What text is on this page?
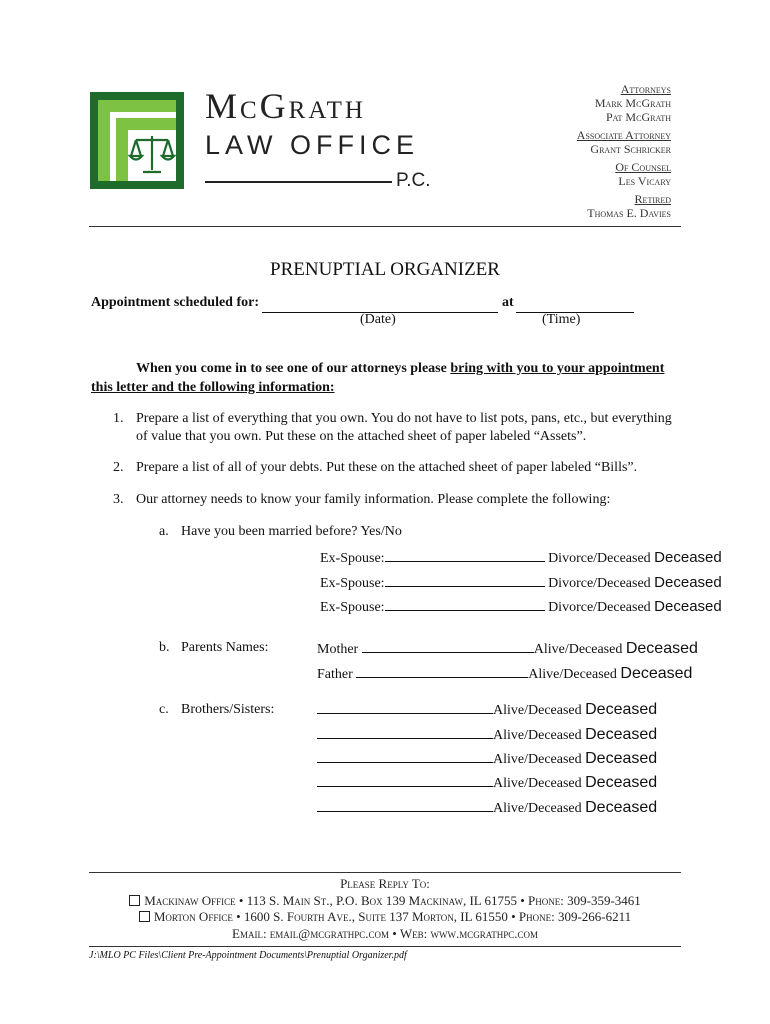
McGrath
LAW OFFICE
P.C.
Attorneys
Mark McGrath
Pat McGrath
Associate Attorney
Grant Schricker
Of Counsel
Les Vicary
Retired
Thomas E. Davies
PRENUPTIAL ORGANIZER
Appointment scheduled for:	at
(Date)	(Time)
When you come in to see one of our attorneys please bring with you to your appointment this letter and the following information:
1. Prepare a list of everything that you own. You do not have to list pots, pans, etc., but everything
of value that you own. Put these on the attached sheet of paper labeled “Assets”.
2. Prepare a list of all of your debts. Put these on the attached sheet of paper labeled “Bills”.
3. Our attorney needs to know your family information. Please complete the following:
a. Have you been married before? Yes/No
Ex-Spouse:	Divorce/Deceased Deceased
Ex-Spouse:	Divorce/Deceased Deceased
Ex-Spouse:	Divorce/Deceased Deceased
b. Parents Names:	Mother	Alive/Deceased Deceased
Father	Alive/Deceased Deceased
c. Brothers/Sisters:	Alive/Deceased Deceased
Alive/Deceased Deceased
Alive/Deceased Deceased
Alive/Deceased Deceased
Alive/Deceased Deceased
Please Reply To:
Mackinaw Office • 113 S. Main St., P.O. Box 139 Mackinaw, IL 61755 • Phone: 309-359-3461
Morton Office • 1600 S. Fourth Ave., Suite 137 Morton, IL 61550 • Phone: 309-266-6211
Email: email@mcgrathpc.com • Web: www.mcgrathpc.com
J:\MLO PC Files\Client Pre-Appointment Documents\Prenuptial Organizer.pdf
